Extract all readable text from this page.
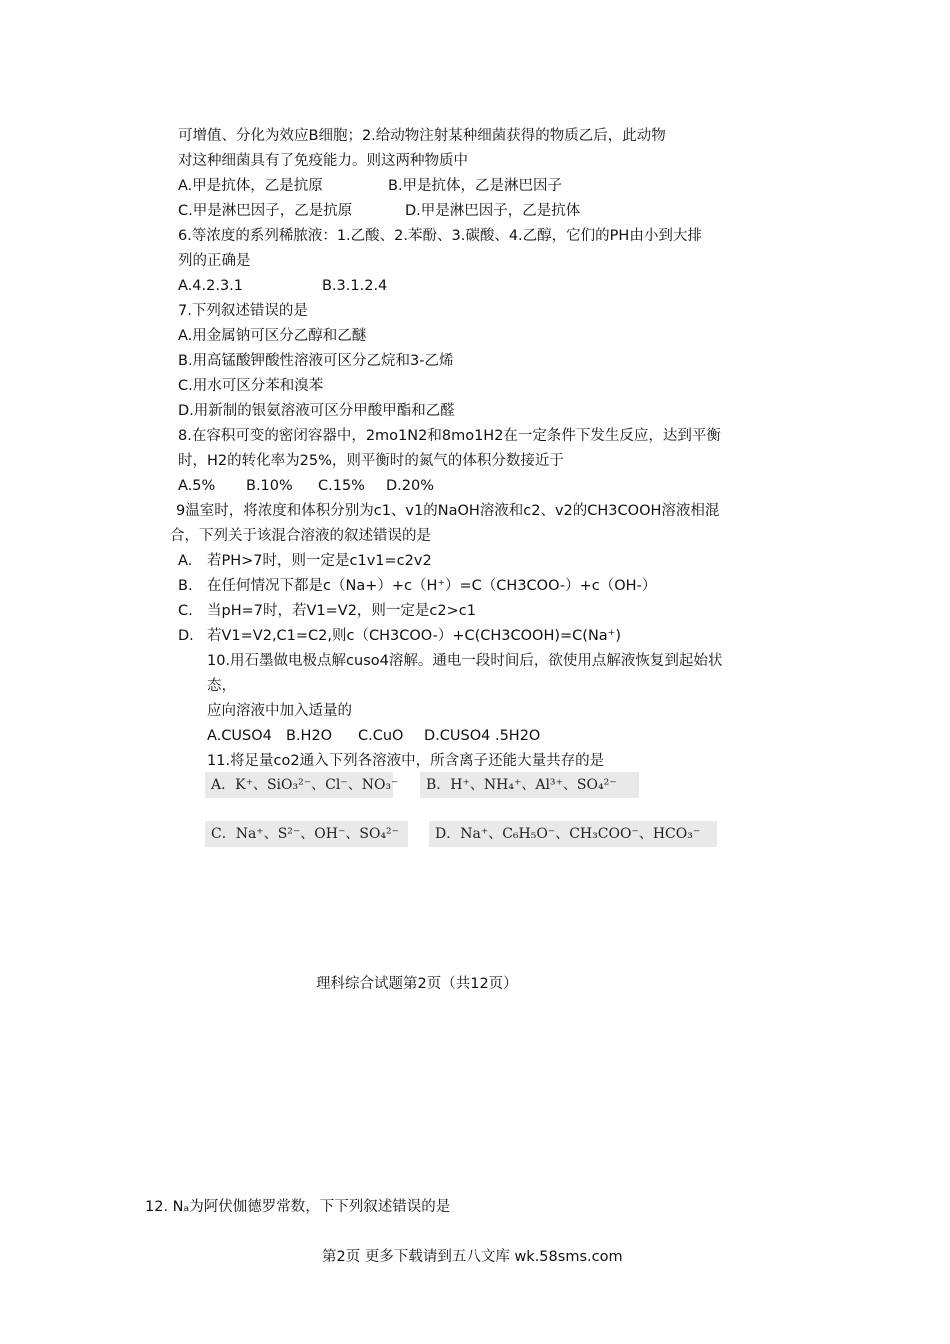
可增值、分化为效应B细胞；2.给动物注射某种细菌获得的物质乙后，此动物
对这种细菌具有了免疫能力。则这两种物质中
A.甲是抗体，乙是抗原	B.甲是抗体，乙是淋巴因子
C.甲是淋巴因子，乙是抗原	D.甲是淋巴因子，乙是抗体
6.等浓度的系列稀脓液：1.乙酸、2.苯酚、3.碳酸、4.乙醇，它们的PH由小到大排
列的正确是
A.4.2.3.1	B.3.1.2.4
7.下列叙述错误的是
A.用金属钠可区分乙醇和乙醚
B.用高锰酸钾酸性溶液可区分乙烷和3-乙烯
C.用水可区分苯和溴苯
D.用新制的银氨溶液可区分甲酸甲酯和乙醛
8.在容积可变的密闭容器中，2mo1N2和8mo1H2在一定条件下发生反应，达到平衡
时，H2的转化率为25%，则平衡时的氮气的体积分数接近于
A.5% B.10% C.15% D.20%
9温室时，将浓度和体积分别为c1、v1的NaOH溶液和c2、v2的CH3COOH溶液相混
合，下列关于该混合溶液的叙述错误的是
A. 若PH>7时，则一定是c1v1=c2v2
B. 在任何情况下都是c（Na+）+c（H⁺）=C（CH3COO-）+c（OH-）
C. 当pH=7时，若V1=V2，则一定是c2>c1
D. 若V1=V2,C1=C2,则c（CH3COO-）+C(CH3COOH)=C(Na⁺)
10.用石墨做电极点解cuso4溶解。通电一段时间后，欲使用点解液恢复到起始状
态，
应向溶液中加入适量的
A.CUSO4 B.H2O C.CuO D.CUSO4 .5H2O
11.将足量co2通入下列各溶液中，所含离子还能大量共存的是
A．K⁺、SiO₃²⁻、Cl⁻、NO₃⁻	B．H⁺、NH₄⁺、Al³⁺、SO₄²⁻
C．Na⁺、S²⁻、OH⁻、SO₄²⁻	D．Na⁺、C₆H₅O⁻、CH₃COO⁻、HCO₃⁻
理科综合试题第2页（共12页）
12. Nₐ为阿伏伽德罗常数，下下列叙述错误的是
第2页 更多下载请到五八文库 wk.58sms.com
